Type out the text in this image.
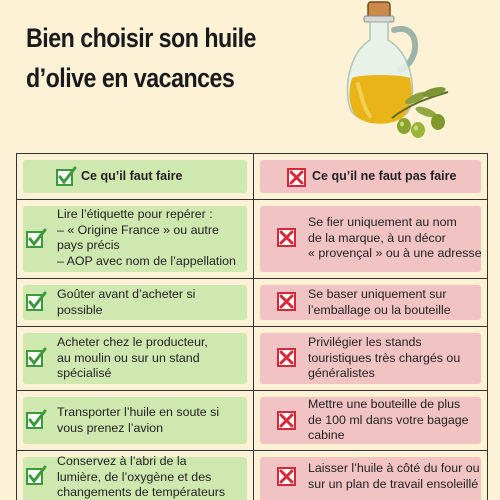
Bien choisir son huile
d’olive en vacances
Ce qu’il faut faire	Ce qu’il ne faut pas faire
Lire l’étiquette pour repérer :
– « Origine France » ou autre
pays précis
– AOP avec nom de l’appellation
Se fier uniquement au nom
de la marque, à un décor
« provençal » ou à une adresse
Goûter avant d’acheter si
possible
Se baser uniquement sur
l’emballage ou la bouteille
Acheter chez le producteur,
au moulin ou sur un stand
spécialisé
Privilégier les stands
touristiques très chargés ou
généralistes
Transporter l’huile en soute si
vous prenez l’avion
Mettre une bouteille de plus
de 100 ml dans votre bagage
cabine
Conservez à l’abri de la
lumière, de l’oxygène et des
changements de températeurs
Laisser l’huile à côté du four ou
sur un plan de travail ensoleillé
